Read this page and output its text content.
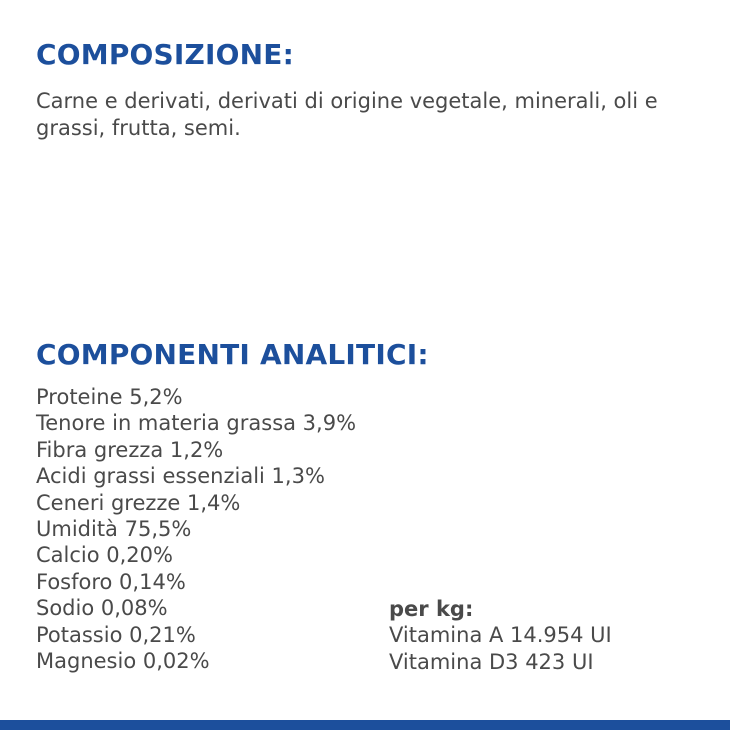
COMPOSIZIONE:

Carne e derivati, derivati di origine vegetale, minerali, oli e grassi, frutta, semi.

COMPONENTI ANALITICI:
Proteine 5,2%
Tenore in materia grassa 3,9%
Fibra grezza 1,2%
Acidi grassi essenziali 1,3%
Ceneri grezze 1,4%
Umidità 75,5%
Calcio 0,20%
Fosforo 0,14%
Sodio 0,08%
Potassio 0,21%
Magnesio 0,02%
per kg:
Vitamina A 14.954 UI
Vitamina D3 423 UI
